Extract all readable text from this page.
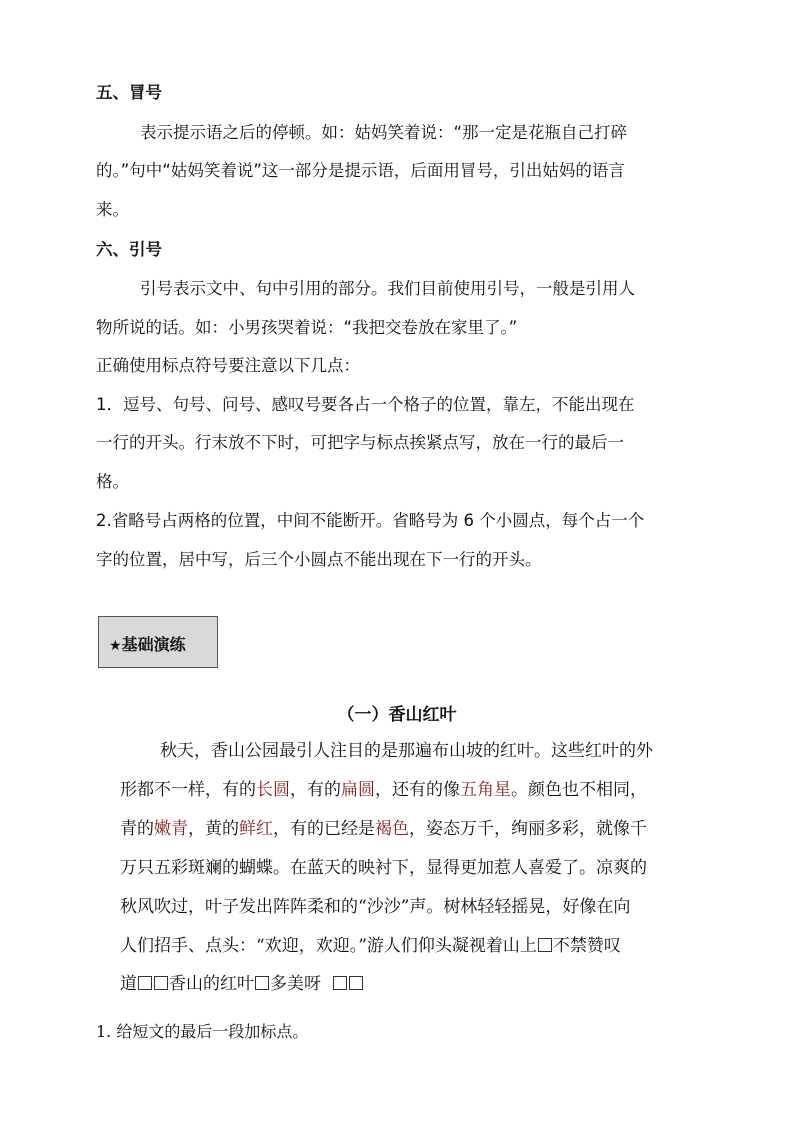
五、冒号
表示提示语之后的停顿。如：姑妈笑着说：“那一定是花瓶自己打碎
的。”句中“姑妈笑着说”这一部分是提示语，后面用冒号，引出姑妈的语言
来。
六、引号
引号表示文中、句中引用的部分。我们目前使用引号，一般是引用人
物所说的话。如：小男孩哭着说：“我把交卷放在家里了。”
正确使用标点符号要注意以下几点：
1．逗号、句号、问号、感叹号要各占一个格子的位置，靠左，不能出现在
一行的开头。行末放不下时，可把字与标点挨紧点写，放在一行的最后一
格。
2.省略号占两格的位置，中间不能断开。省略号为 6 个小圆点，每个占一个
字的位置，居中写，后三个小圆点不能出现在下一行的开头。
★基础演练
（一）香山红叶
秋天，香山公园最引人注目的是那遍布山坡的红叶。这些红叶的外
形都不一样，有的长圆，有的扁圆，还有的像五角星。颜色也不相同，
青的嫩青，黄的鲜红，有的已经是褐色，姿态万千，绚丽多彩，就像千
万只五彩斑斓的蝴蝶。在蓝天的映衬下，显得更加惹人喜爱了。凉爽的
秋风吹过，叶子发出阵阵柔和的“沙沙”声。树林轻轻摇晃，好像在向
人们招手、点头：“欢迎，欢迎。”游人们仰头凝视着山上 不禁赞叹
道 香山的红叶 多美呀
1. 给短文的最后一段加标点。
